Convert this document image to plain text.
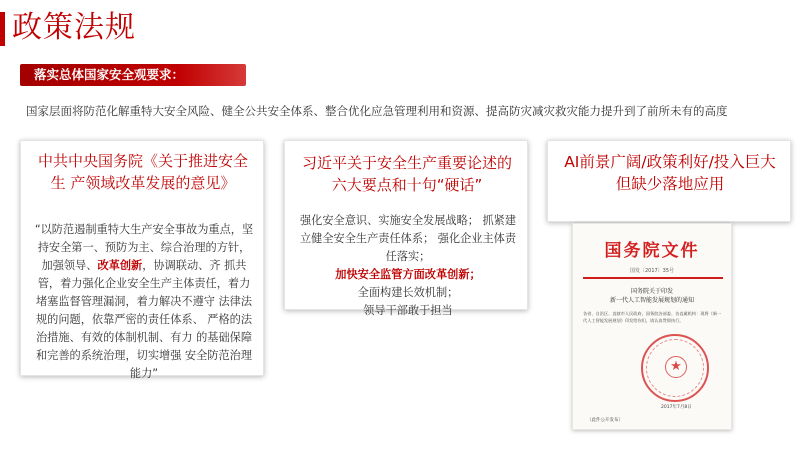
政策法规
落实总体国家安全观要求：
国家层面将防范化解重特大安全风险、健全公共安全体系、整合优化应急管理利用和资源、提高防灾减灾救灾能力提升到了前所未有的高度
中共中央国务院《关于推进安全
生 产领域改革发展的意见》
“以防范遏制重特大生产安全事故为重点，坚持安全第一、预防为主、综合治理的方针，加强领导、改革创新，协调联动、齐 抓共管，着力强化企业安全生产主体责任，着力堵塞监督管理漏洞，着力解决不遵守 法律法规的问题，依靠严密的责任体系、 严格的法治措施、有效的体制机制、有力 的基础保障和完善的系统治理，切实增强 安全防范治理能力”
习近平关于安全生产重要论述的
六大要点和十句“硬话”
强化安全意识、实施安全发展战略； 抓紧建立健全安全生产责任体系； 强化企业主体责任落实；
加快安全监管方面改革创新；
全面构建长效机制；
领导干部敢于担当
AI前景广阔/政策利好/投入巨大
但缺少落地应用
国务院文件
国发〔2017〕35号
国务院关于印发
新一代人工智能发展规划的通知
各省、自治区、直辖市人民政府，国务院各部委、各直属机构：现将《新一代人工智能发展规划》印发给你们，请认真贯彻执行。
★
2017年7月8日
（此件公开发布）
